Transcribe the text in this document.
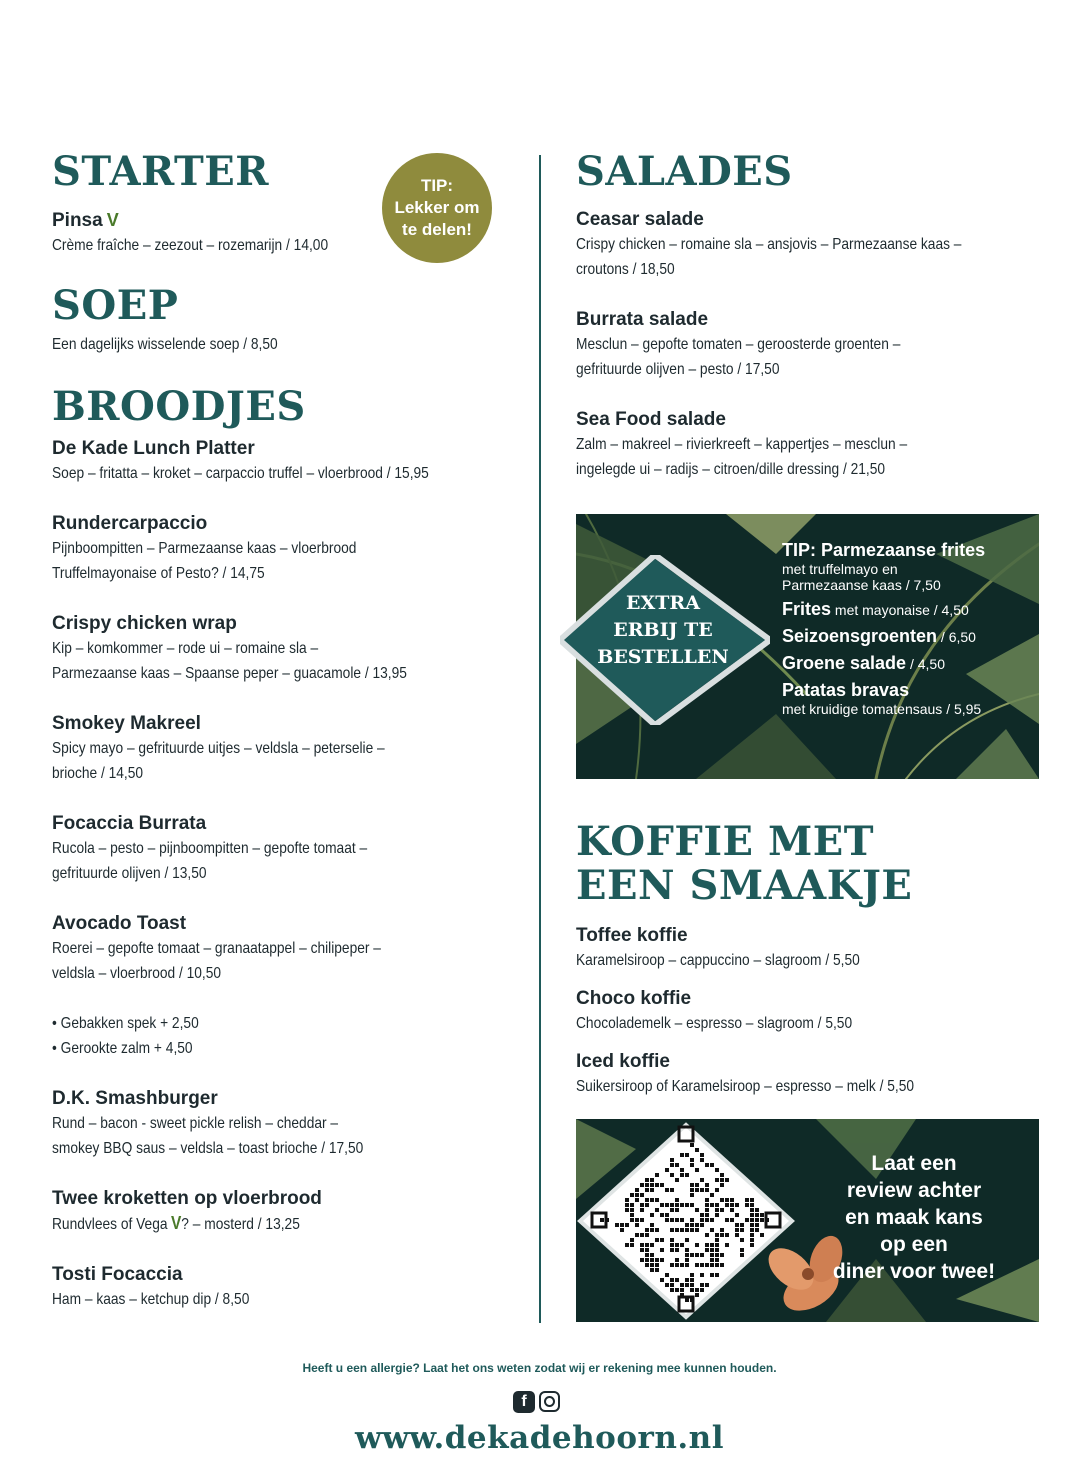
STARTER
Pinsa V
Crème fraîche – zeezout – rozemarijn / 14,00
SOEP
Een dagelijks wisselende soep / 8,50
BROODJES
De Kade Lunch Platter
Soep – fritatta – kroket – carpaccio truffel – vloerbrood / 15,95
Rundercarpaccio
Pijnboompitten – Parmezaanse kaas – vloerbrood
Truffelmayonaise of Pesto? / 14,75
Crispy chicken wrap
Kip – komkommer – rode ui – romaine sla –
Parmezaanse kaas – Spaanse peper – guacamole / 13,95
Smokey Makreel
Spicy mayo – gefrituurde uitjes – veldsla – peterselie –
brioche / 14,50
Focaccia Burrata
Rucola – pesto – pijnboompitten – gepofte tomaat –
gefrituurde olijven / 13,50
Avocado Toast
Roerei – gepofte tomaat – granaatappel – chilipeper –
veldsla – vloerbrood / 10,50
• Gebakken spek + 2,50
• Gerookte zalm + 4,50
D.K. Smashburger
Rund – bacon - sweet pickle relish – cheddar –
smokey BBQ saus – veldsla – toast brioche / 17,50
Twee kroketten op vloerbrood
Rundvlees of Vega V? – mosterd / 13,25
Tosti Focaccia
Ham – kaas – ketchup dip / 8,50
TIP:
Lekker om
te delen!
SALADES
Ceasar salade
Crispy chicken – romaine sla – ansjovis – Parmezaanse kaas –
croutons / 18,50
Burrata salade
Mesclun – gepofte tomaten – geroosterde groenten –
gefrituurde olijven – pesto / 17,50
Sea Food salade
Zalm – makreel – rivierkreeft – kappertjes – mesclun –
ingelegde ui – radijs – citroen/dille dressing / 21,50
EXTRA
ERBIJ TE
BESTELLEN
TIP: Parmezaanse frites
met truffelmayo en
Parmezaanse kaas / 7,50
Frites met mayonaise / 4,50
Seizoensgroenten / 6,50
Groene salade / 4,50
Patatas bravas
met kruidige tomatensaus / 5,95
KOFFIE MET
EEN SMAAKJE
Toffee koffie
Karamelsiroop – cappuccino – slagroom / 5,50
Choco koffie
Chocolademelk – espresso – slagroom / 5,50
Iced koffie
Suikersiroop of Karamelsiroop – espresso – melk / 5,50
Laat een
review achter
en maak kans
op een
diner voor twee!
Heeft u een allergie? Laat het ons weten zodat wij er rekening mee kunnen houden.
f
www.dekadehoorn.nl
